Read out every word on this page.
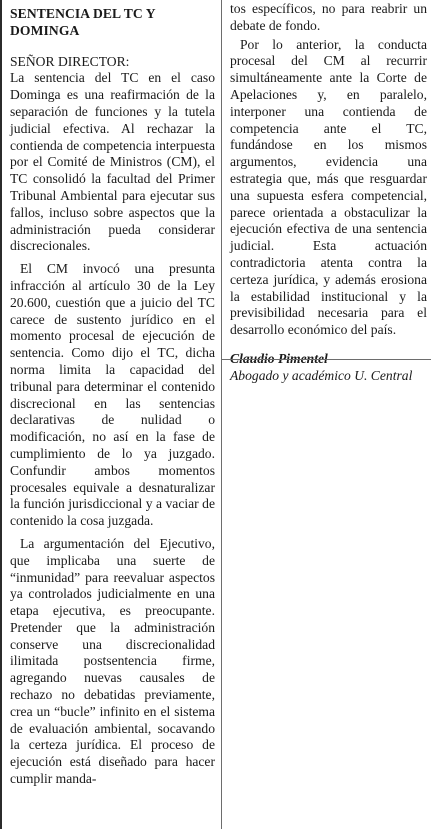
SENTENCIA DEL TC Y DOMINGA

SEÑOR DIRECTOR:

La sentencia del TC en el caso Dominga es una reafirmación de la separación de funciones y la tutela judicial efectiva. Al rechazar la contienda de competencia interpuesta por el Comité de Ministros (CM), el TC consolidó la facultad del Primer Tribunal Ambiental para ejecutar sus fallos, incluso sobre aspectos que la administración pueda considerar discrecionales.

El CM invocó una presunta infracción al artículo 30 de la Ley 20.600, cuestión que a juicio del TC carece de sustento jurídico en el momento procesal de ejecución de sentencia. Como dijo el TC, dicha norma limita la capacidad del tribunal para determinar el contenido discrecional en las sentencias declarativas de nulidad o modificación, no así en la fase de cumplimiento de lo ya juzgado. Confundir ambos momentos procesales equivale a desnaturalizar la función jurisdiccional y a vaciar de contenido la cosa juzgada.

La argumentación del Ejecutivo, que implicaba una suerte de “inmunidad” para reevaluar aspectos ya controlados judicialmente en una etapa ejecutiva, es preocupante. Pretender que la administración conserve una discrecionalidad ilimitada postsentencia firme, agregando nuevas causales de rechazo no debatidas previamente, crea un “bucle” infinito en el sistema de evaluación ambiental, socavando la certeza jurídica. El proceso de ejecución está diseñado para hacer cumplir manda-

tos específicos, no para reabrir un debate de fondo.

Por lo anterior, la conducta procesal del CM al recurrir simultáneamente ante la Corte de Apelaciones y, en paralelo, interponer una contienda de competencia ante el TC, fundándose en los mismos argumentos, evidencia una estrategia que, más que resguardar una supuesta esfera competencial, parece orientada a obstaculizar la ejecución efectiva de una sentencia judicial. Esta actuación contradictoria atenta contra la certeza jurídica, y además erosiona la estabilidad institucional y la previsibilidad necesaria para el desarrollo económico del país.

Claudio Pimentel
Abogado y académico U. Central
